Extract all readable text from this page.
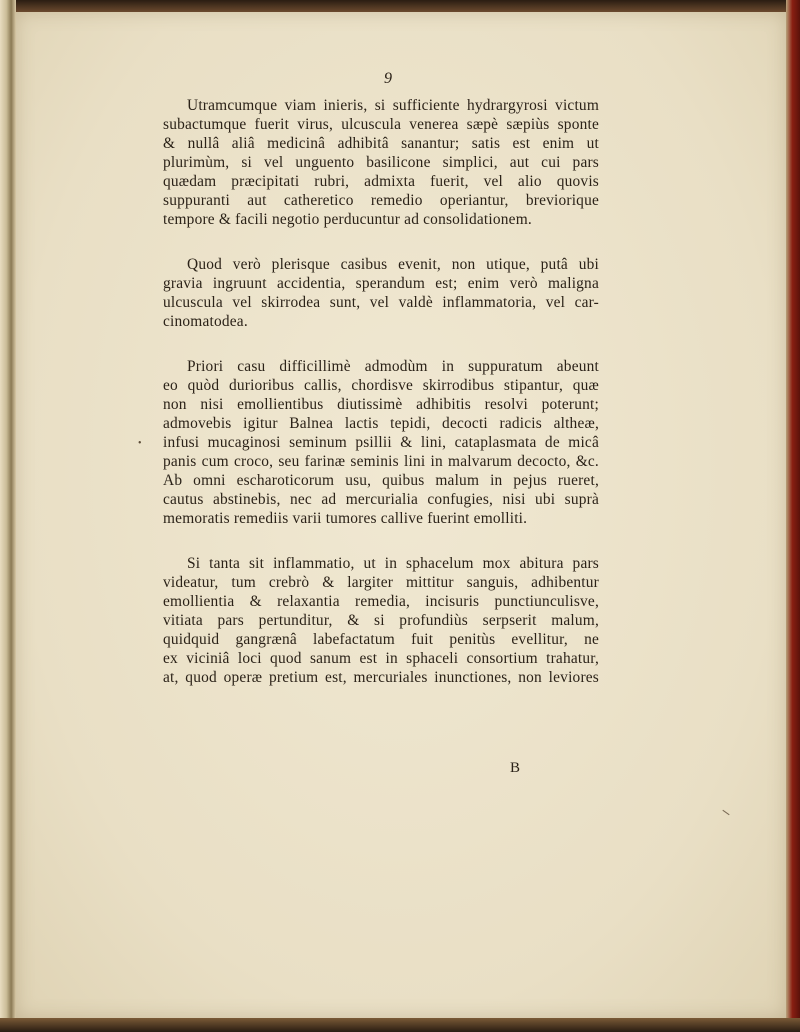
9
•
Utramcumque viam inieris, si sufficiente hydrargyrosi victum
subactumque fuerit virus, ulcuscula venerea sæpè sæpiùs sponte
& nullâ aliâ medicinâ adhibitâ sanantur; satis est enim ut
plurimùm, si vel unguento basilicone simplici, aut cui pars
quædam præcipitati rubri, admixta fuerit, vel alio quovis
suppuranti aut catheretico remedio operiantur, breviorique
tempore & facili negotio perducuntur ad consolidationem.
Quod verò plerisque casibus evenit, non utique, putâ ubi
gravia ingruunt accidentia, sperandum est; enim verò maligna
ulcuscula vel skirrodea sunt, vel valdè inflammatoria, vel car-
cinomatodea.
Priori casu difficillimè admodùm in suppuratum abeunt
eo quòd durioribus callis, chordisve skirrodibus stipantur, quæ
non nisi emollientibus diutissimè adhibitis resolvi poterunt;
admovebis igitur Balnea lactis tepidi, decocti radicis altheæ,
infusi mucaginosi seminum psillii & lini, cataplasmata de micâ
panis cum croco, seu farinæ seminis lini in malvarum decocto, &c.
Ab omni escharoticorum usu, quibus malum in pejus rueret,
cautus abstinebis, nec ad mercurialia confugies, nisi ubi suprà
memoratis remediis varii tumores callive fuerint emolliti.
Si tanta sit inflammatio, ut in sphacelum mox abitura pars
videatur, tum crebrò & largiter mittitur sanguis, adhibentur
emollientia & relaxantia remedia, incisuris punctiunculisve,
vitiata pars pertunditur, & si profundiùs serpserit malum,
quidquid gangrænâ labefactatum fuit penitùs evellitur, ne
ex viciniâ loci quod sanum est in sphaceli consortium trahatur,
at, quod operæ pretium est, mercuriales inunctiones, non leviores
B
